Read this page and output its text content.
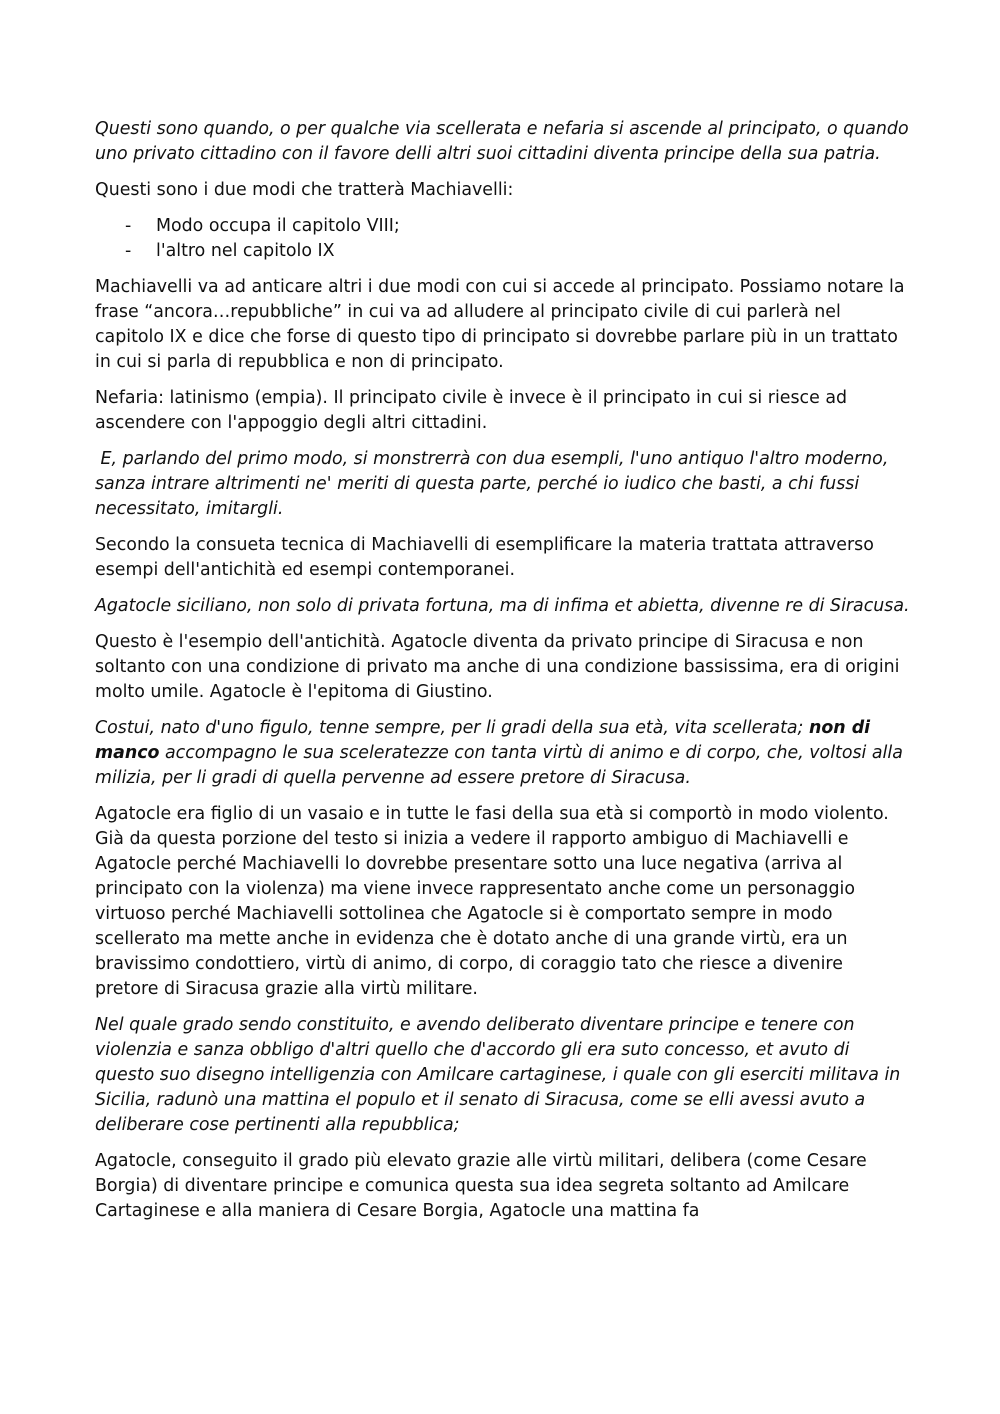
Questi sono quando, o per qualche via scellerata e nefaria si ascende al principato, o quando uno privato cittadino con il favore delli altri suoi cittadini diventa principe della sua patria.

Questi sono i due modi che tratterà Machiavelli:

- Modo occupa il capitolo VIII;
- l'altro nel capitolo IX

Machiavelli va ad anticare altri i due modi con cui si accede al principato. Possiamo notare la frase “ancora…repubbliche” in cui va ad alludere al principato civile di cui parlerà nel capitolo IX e dice che forse di questo tipo di principato si dovrebbe parlare più in un trattato in cui si parla di repubblica e non di principato.

Nefaria: latinismo (empia). Il principato civile è invece è il principato in cui si riesce ad ascendere con l'appoggio degli altri cittadini.

E, parlando del primo modo, si monstrerrà con dua esempli, l'uno antiquo l'altro moderno, sanza intrare altrimenti ne' meriti di questa parte, perché io iudico che basti, a chi fussi necessitato, imitargli.

Secondo la consueta tecnica di Machiavelli di esemplificare la materia trattata attraverso esempi dell'antichità ed esempi contemporanei.

Agatocle siciliano, non solo di privata fortuna, ma di infima et abietta, divenne re di Siracusa.

Questo è l'esempio dell'antichità. Agatocle diventa da privato principe di Siracusa e non soltanto con una condizione di privato ma anche di una condizione bassissima, era di origini molto umile. Agatocle è l'epitoma di Giustino.

Costui, nato d'uno figulo, tenne sempre, per li gradi della sua età, vita scellerata; non di manco accompagno le sua sceleratezze con tanta virtù di animo e di corpo, che, voltosi alla milizia, per li gradi di quella pervenne ad essere pretore di Siracusa.

Agatocle era figlio di un vasaio e in tutte le fasi della sua età si comportò in modo violento. Già da questa porzione del testo si inizia a vedere il rapporto ambiguo di Machiavelli e Agatocle perché Machiavelli lo dovrebbe presentare sotto una luce negativa (arriva al principato con la violenza) ma viene invece rappresentato anche come un personaggio virtuoso perché Machiavelli sottolinea che Agatocle si è comportato sempre in modo scellerato ma mette anche in evidenza che è dotato anche di una grande virtù, era un bravissimo condottiero, virtù di animo, di corpo, di coraggio tato che riesce a divenire pretore di Siracusa grazie alla virtù militare.

Nel quale grado sendo constituito, e avendo deliberato diventare principe e tenere con violenzia e sanza obbligo d'altri quello che d'accordo gli era suto concesso, et avuto di questo suo disegno intelligenzia con Amilcare cartaginese, i quale con gli eserciti militava in Sicilia, radunò una mattina el populo et il senato di Siracusa, come se elli avessi avuto a deliberare cose pertinenti alla repubblica;

Agatocle, conseguito il grado più elevato grazie alle virtù militari, delibera (come Cesare Borgia) di diventare principe e comunica questa sua idea segreta soltanto ad Amilcare Cartaginese e alla maniera di Cesare Borgia, Agatocle una mattina fa
